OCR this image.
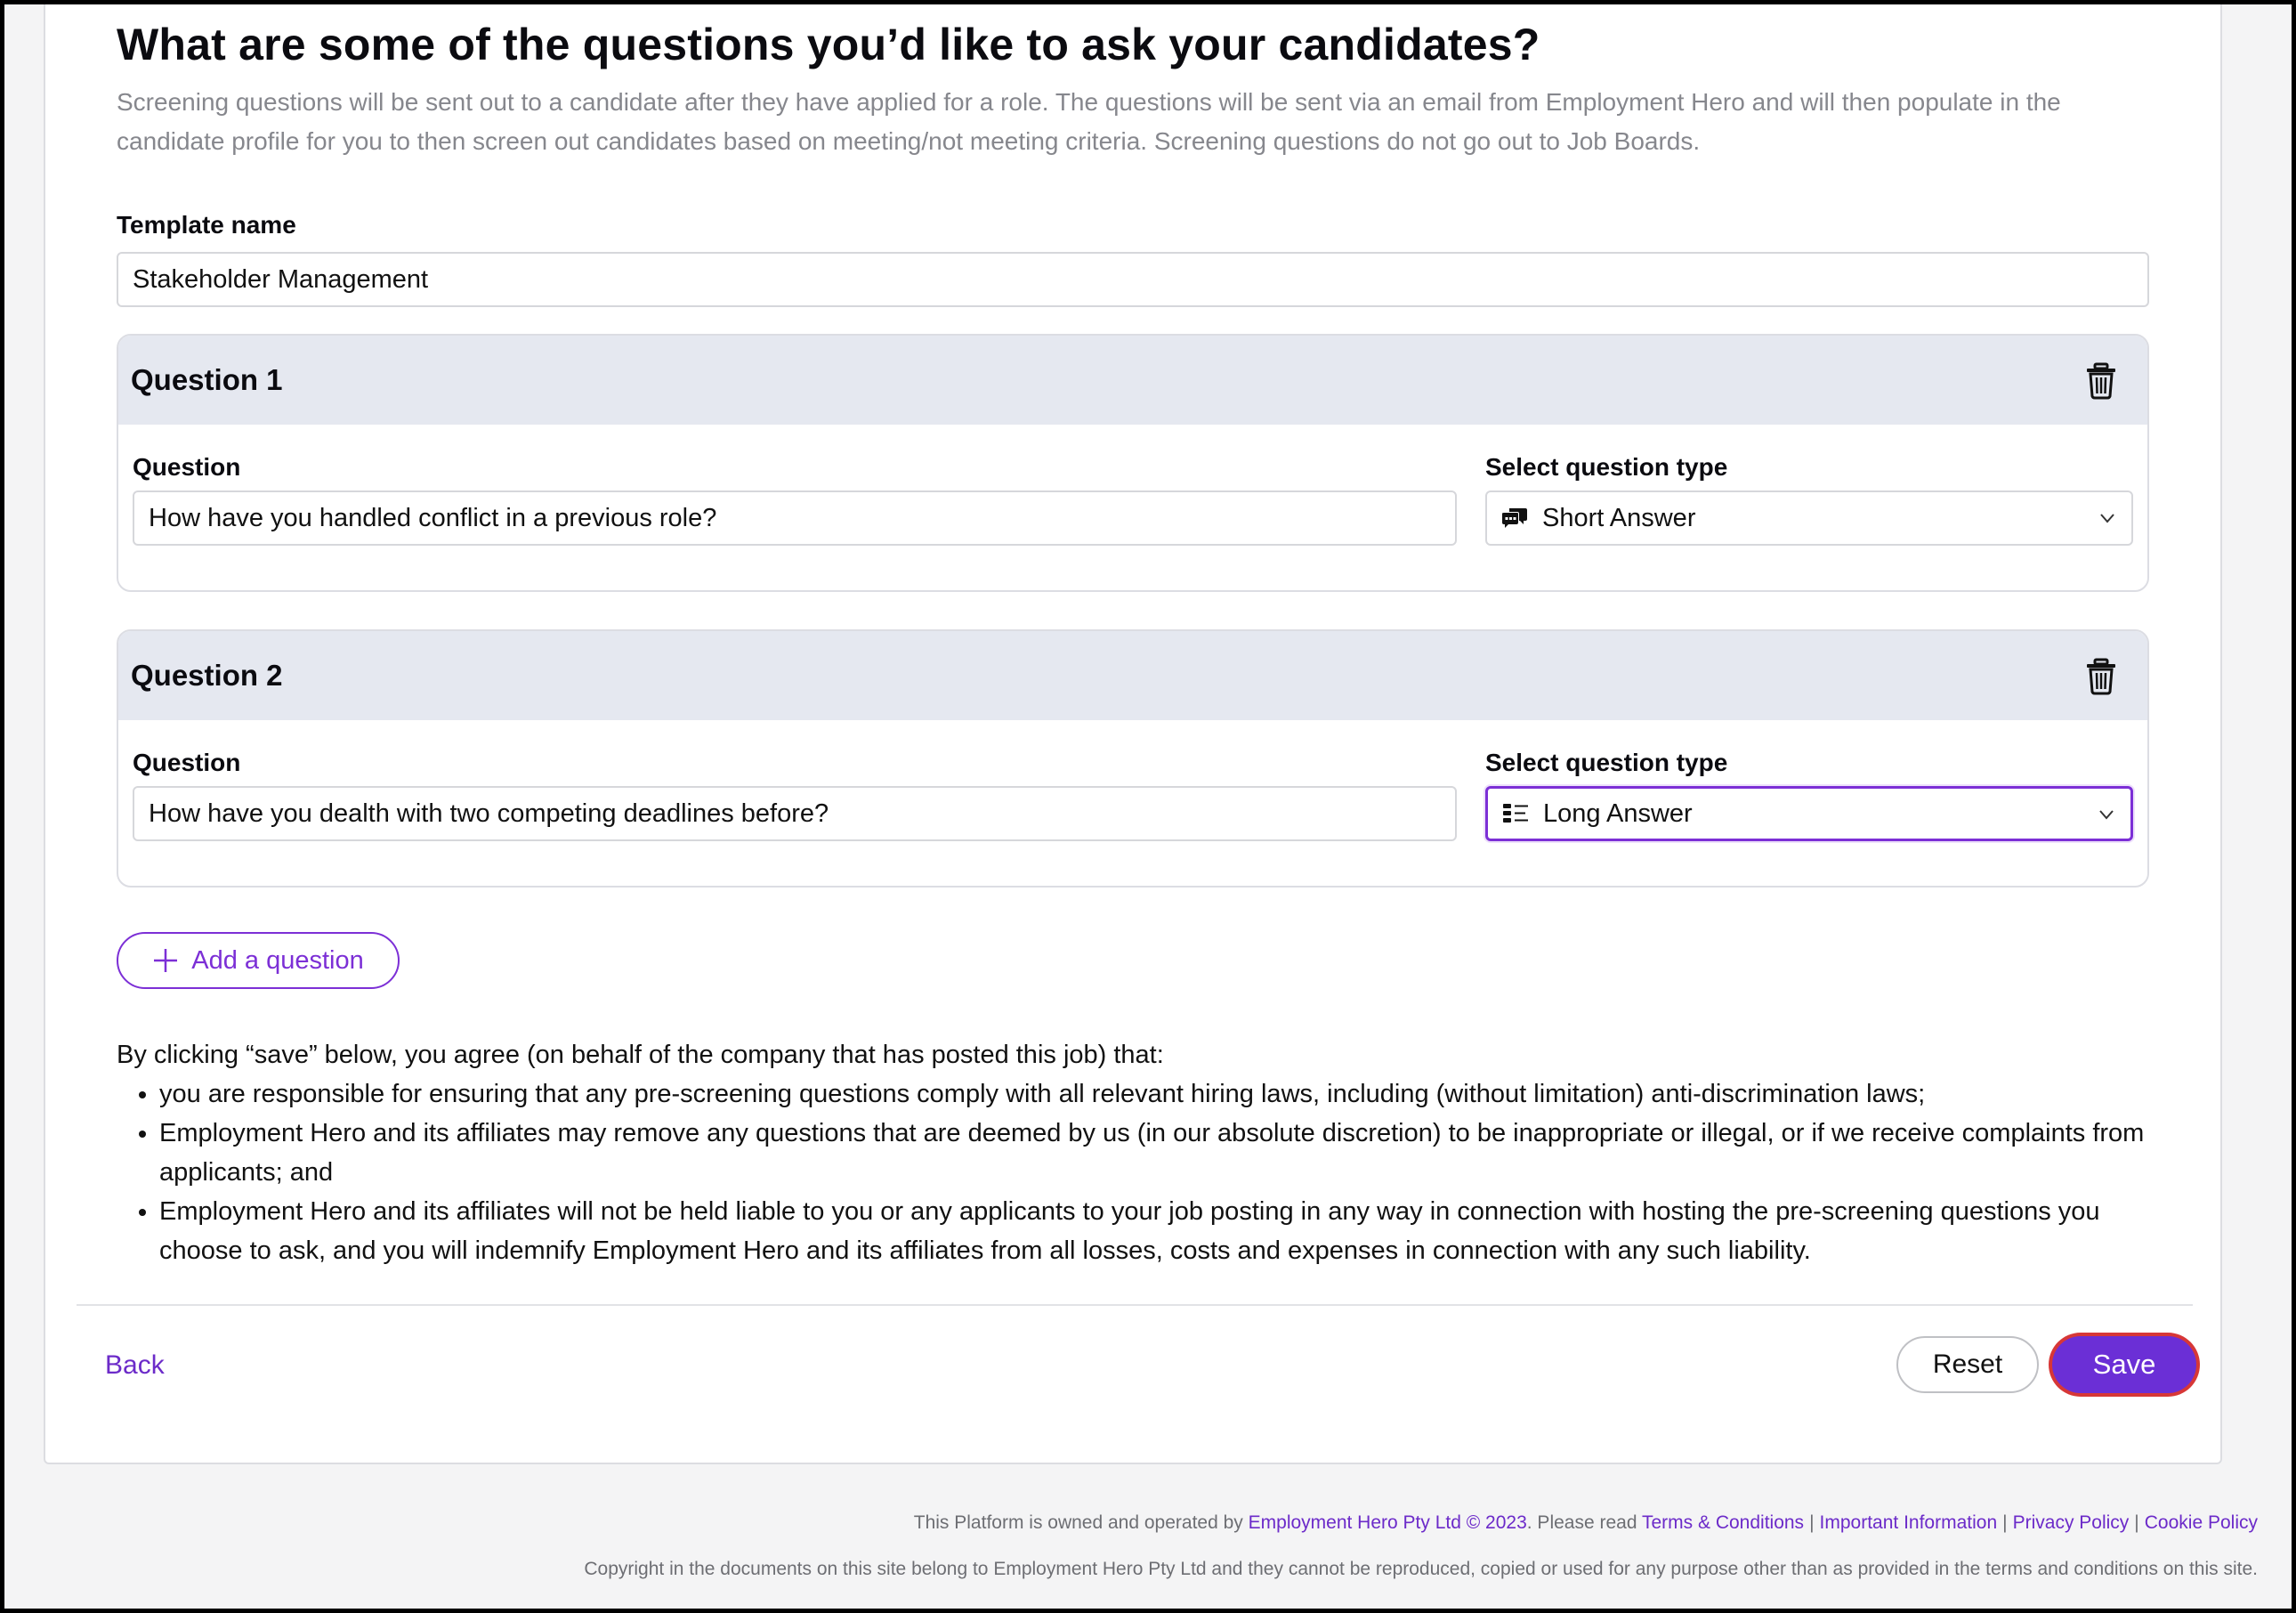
What are some of the questions you’d like to ask your candidates?

Screening questions will be sent out to a candidate after they have applied for a role. The questions will be sent via an email from Employment Hero and will then populate in the candidate profile for you to then screen out candidates based on meeting/not meeting criteria. Screening questions do not go out to Job Boards.

Template name
Stakeholder Management
Question 1
Question	Select question type
How have you handled conflict in a previous role?	Short Answer
Question 2
Question	Select question type
How have you dealth with two competing deadlines before?	Long Answer
Add a question

By clicking “save” below, you agree (on behalf of the company that has posted this job) that:

• you are responsible for ensuring that any pre-screening questions comply with all relevant hiring laws, including (without limitation) anti-discrimination laws;
• Employment Hero and its affiliates may remove any questions that are deemed by us (in our absolute discretion) to be inappropriate or illegal, or if we receive complaints from applicants; and
• Employment Hero and its affiliates will not be held liable to you or any applicants to your job posting in any way in connection with hosting the pre-screening questions you choose to ask, and you will indemnify Employment Hero and its affiliates from all losses, costs and expenses in connection with any such liability.
Back	Reset	Save
This Platform is owned and operated by Employment Hero Pty Ltd © 2023. Please read Terms & Conditions | Important Information | Privacy Policy | Cookie Policy
Copyright in the documents on this site belong to Employment Hero Pty Ltd and they cannot be reproduced, copied or used for any purpose other than as provided in the terms and conditions on this site.
